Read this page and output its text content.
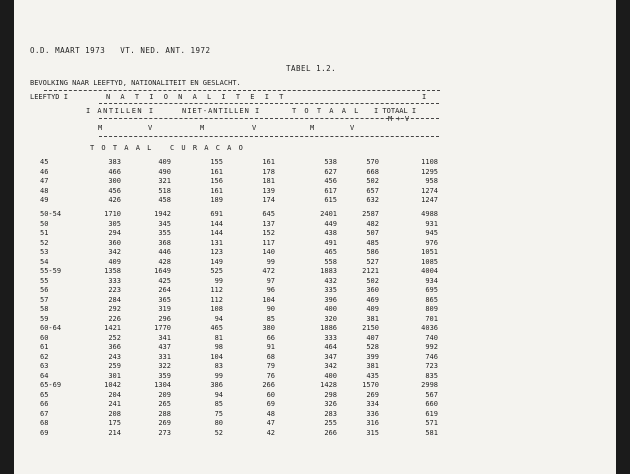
O.D. MAART 1973   VT. NED. ANT. 1972
TABEL 1.2.
BEVOLKING NAAR LEEFTYD, NATIONALITEIT EN GESLACHT.
LEEFTYD I	N A T I O N A L I T E I T	I
I ANTILLEN I	NIET-ANTILLEN I	T O T A A L I TOTAAL I
M + V
M	V	M	V	M	V
T O T A A L   C U R A C A O
45	383	409	155	161	538	570	1108
46	466	490	161	178	627	668	1295
47	300	321	156	181	456	502	958
48	456	518	161	139	617	657	1274
49	426	458	189	174	615	632	1247
50-54	1710	1942	691	645	2401	2587	4988
50	305	345	144	137	449	482	931
51	294	355	144	152	438	507	945
52	360	368	131	117	491	485	976
53	342	446	123	140	465	586	1051
54	409	428	149	99	558	527	1085
55-59	1358	1649	525	472	1883	2121	4004
55	333	425	99	97	432	502	934
56	223	264	112	96	335	360	695
57	284	365	112	104	396	469	865
58	292	319	108	90	400	409	809
59	226	296	94	85	320	381	701
60-64	1421	1770	465	380	1886	2150	4036
60	252	341	81	66	333	407	740
61	366	437	98	91	464	528	992
62	243	331	104	68	347	399	746
63	259	322	83	79	342	381	723
64	301	359	99	76	400	435	835
65-69	1042	1304	386	266	1428	1570	2998
65	204	209	94	60	298	269	567
66	241	265	85	69	326	334	660
67	208	288	75	48	283	336	619
68	175	269	80	47	255	316	571
69	214	273	52	42	266	315	581
